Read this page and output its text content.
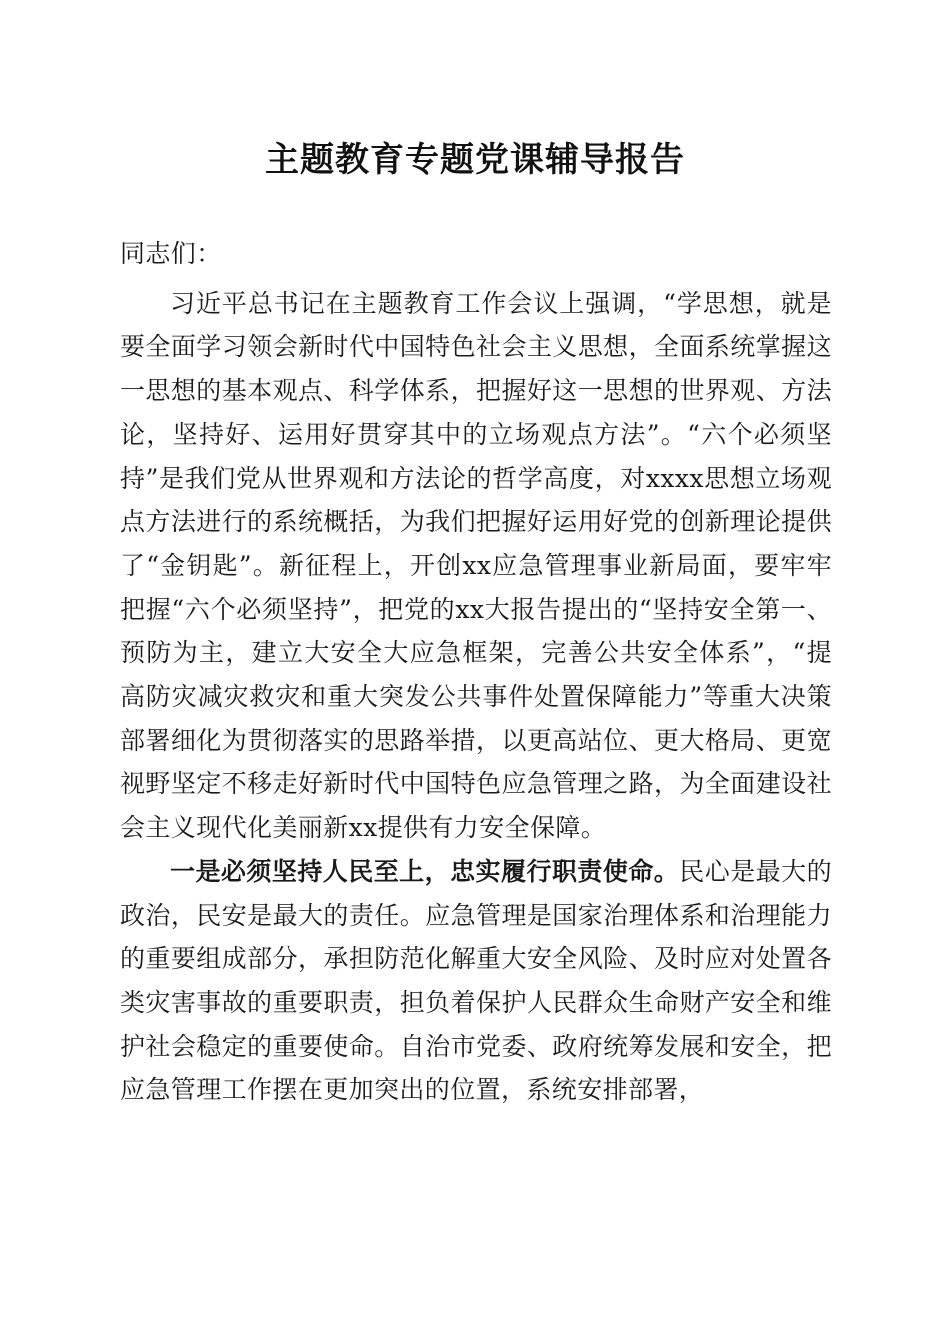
主题教育专题党课辅导报告

同志们：

习近平总书记在主题教育工作会议上强调，“学思想，就是要全面学习领会新时代中国特色社会主义思想，全面系统掌握这一思想的基本观点、科学体系，把握好这一思想的世界观、方法论，坚持好、运用好贯穿其中的立场观点方法”。“六个必须坚持”是我们党从世界观和方法论的哲学高度，对xxxx思想立场观点方法进行的系统概括，为我们把握好运用好党的创新理论提供了“金钥匙”。新征程上，开创xx应急管理事业新局面，要牢牢把握“六个必须坚持”，把党的xx大报告提出的“坚持安全第一、预防为主，建立大安全大应急框架，完善公共安全体系”，“提高防灾减灾救灾和重大突发公共事件处置保障能力”等重大决策部署细化为贯彻落实的思路举措，以更高站位、更大格局、更宽视野坚定不移走好新时代中国特色应急管理之路，为全面建设社会主义现代化美丽新xx提供有力安全保障。

一是必须坚持人民至上，忠实履行职责使命。民心是最大的政治，民安是最大的责任。应急管理是国家治理体系和治理能力的重要组成部分，承担防范化解重大安全风险、及时应对处置各类灾害事故的重要职责，担负着保护人民群众生命财产安全和维护社会稳定的重要使命。自治市党委、政府统筹发展和安全，把应急管理工作摆在更加突出的位置，系统安排部署，
